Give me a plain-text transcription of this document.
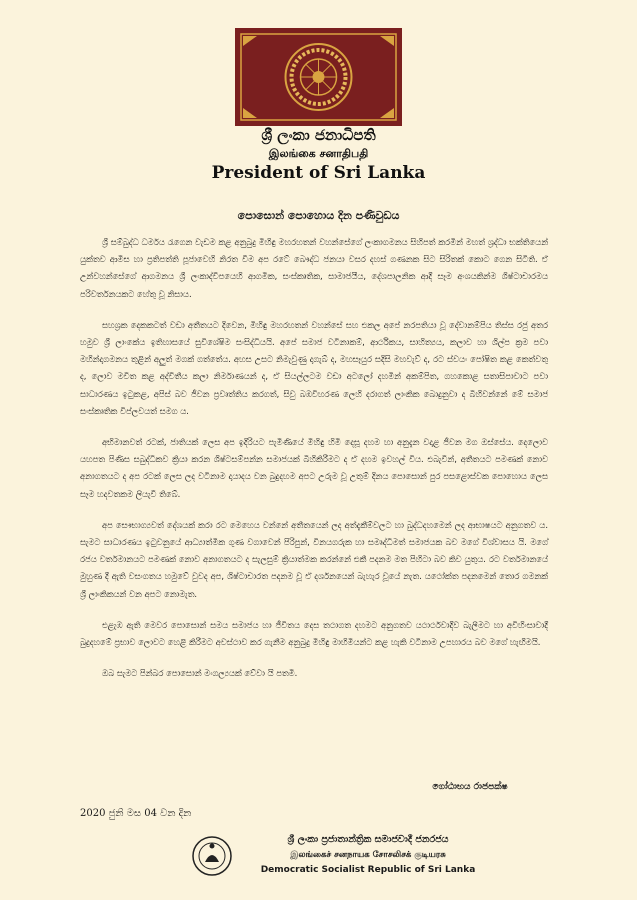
ශ්‍රී ලංකා ජනාධිපති
இலங்கை சனாதிபதி
President of Sri Lanka
පොසොන් පොහොය දින පණිවුඩය

ශ්‍රී සම්බුද්ධ ධර්මය රැගෙන වැඩම කළ අනුබුදු මිහිඳු මහරහතන් වහන්සේගේ ලංකාගමනය සිහිපත් කරමින් මහත් ශ්‍රද්ධා භක්තියෙන් යුක්තව ආමිස හා ප්‍රතිපත්ති පූජාවෙහි නිරත වීම අප රටේ බෞද්ධ ජනයා වසර දහස් ගණනක සිට සිරිතක් කොට ගෙන සිටිති. ඒ උන්වහන්සේගේ ආගමනය ශ්‍රී ලංකාද්වීපයෙහි ආගමික, සංස්කෘතික, සාමාජයීය, දේශපාලනික ආදී සෑම අංශයකින්ම ශිෂ්ටාචාරමය පරිවර්තනයකට හේතු වූ නිසාය.

සහශ්‍රක දෙකකටත් වඩා අතීතයට දිවෙන, මිහිඳු මහරහතන් වහන්සේ සහ එකල අපේ නරපතියා වූ දේවානම්පිය තිස්ස රජු අතර හමුව ශ්‍රී ලාංකේය ඉතිහාසයේ සුවිශේෂිම සංසිද්ධියයි. අපේ සමාජ වටිනාකම්, ආර්ථිකය, සාහිත්‍යය, කලාව හා ශිල්ප ක්‍රම පවා මහින්දාගමනය තුළින් අලුත් මගක් ගත්තේය. අහස උසට නිමැවුණු දාගැබ් ද, මහසෑයුර සදිසි මහවැව් ද, රට ස්වයං පෝෂිත කළ කෙත්වතු ද, ලොව මවිත කළ අද්විතීය කලා නිර්මාණයන් ද, ඒ සියල්ලටම වඩා අටලෝ දහමින් අකම්පිත, ගහකොළ සතාසිපාවාට පවා සාධාරණය ඉටුකළ, අපිස් බව ජීවන ප්‍රවෘත්තිය කරගත්, සිවු බඹවිහරණ ලෙහි දරාගත් ලාංකික බොදුනුවා ද බිහිවන්නේ මේ සමාජ සංස්කෘතික විප්ලවයත් සමග ය.

අභිමානවත් රටක්, ජාතියක් ලෙස අප ඉදිරියට පැමිණියේ මිහිඳු හිමි දෙසූ දහම හා අනුදැන වදාළ ජීවන මග ඔස්සේය. දෙලොව යහපත පිණිස සබුද්ධිකව ක්‍රියා කරන ශිෂ්ටසම්පන්න සමාජයක් බිහිකිරීමට ද ඒ දහම ඉවහල් විය. එබැවින්, අතීතයට පමණක් නොව අනාගතයට ද අප රටක් ලෙස ලද වටිනාම දායාදය වන බුදුදහම අපට උරුම වූ උතුම් දිනය පොසොන් පුර පසළොස්වක පොහොය ලෙස සෑම හදවතකම ලියැවී තිබේ.

අප සෞභාග්‍යවත් දේශයක් කරා රට මෙහෙය වන්නේ අතීතයෙන් ලද අත්දැකීම්වලට හා බුද්ධදහමෙන් ලද ආභාෂයට අනුගතව ය. සැමට සාධාරණය ඉටුවනුයේ ආධ්‍යාත්මික ගුණ වගාවෙන් පිරිපුන්, විනයගරුක හා සමෘද්ධිමත් සමාජයක බව මගේ විශ්වාසය යි. මගේ රජය වර්තමානයට පමණක් නොව අනාගතයට ද සැලසුම් ක්‍රියාත්මක කරන්නේ එකී පදනම මත පිහිටා බව කිව යුතුය. රට වර්තමානයේ මුහුණ දී ඇති වසංගතය හමුවේ වුවද අප, ශිෂ්ටාචාරත පදනම වූ ඒ දර්ශනයෙන් බැහැර වූයේ නැත. යථෝක්ත පදනමෙන් තොර ගමනක් ශ්‍රී ලාංකිකයන් වන අපට නොමැත.

එළැඹ ඇති මෙවර පොසොන් සමය සමාජය හා ජීවිතය දෙස තථාගත දහමට අනුගතව යථාර්ථවාදීව බැලීමට හා අවිහිංසාවාදී බුදුදහමේ ප්‍රභාව ලොවට හෙළි කිරීමට අවස්ථාව කර ගැනීම අනුබුදු මිහිඳු මාහිමියන්ට කළ හැකි වටිනාම උපහාරය බව මගේ හැඟීමයි.

ඔබ සැමට පින්බර පොසොන් මංගල්‍යයක් වේවා යි පතමි.

ගෝඨාභය රාජපක්ෂ
2020 ජුනි මස 04 වන දින
ශ්‍රී ලංකා ප්‍රජාතාන්ත්‍රික සමාජවාදී ජනරජය
இலங்கைச் சனநாயக சோசலிசக் குடியரசு
Democratic Socialist Republic of Sri Lanka
